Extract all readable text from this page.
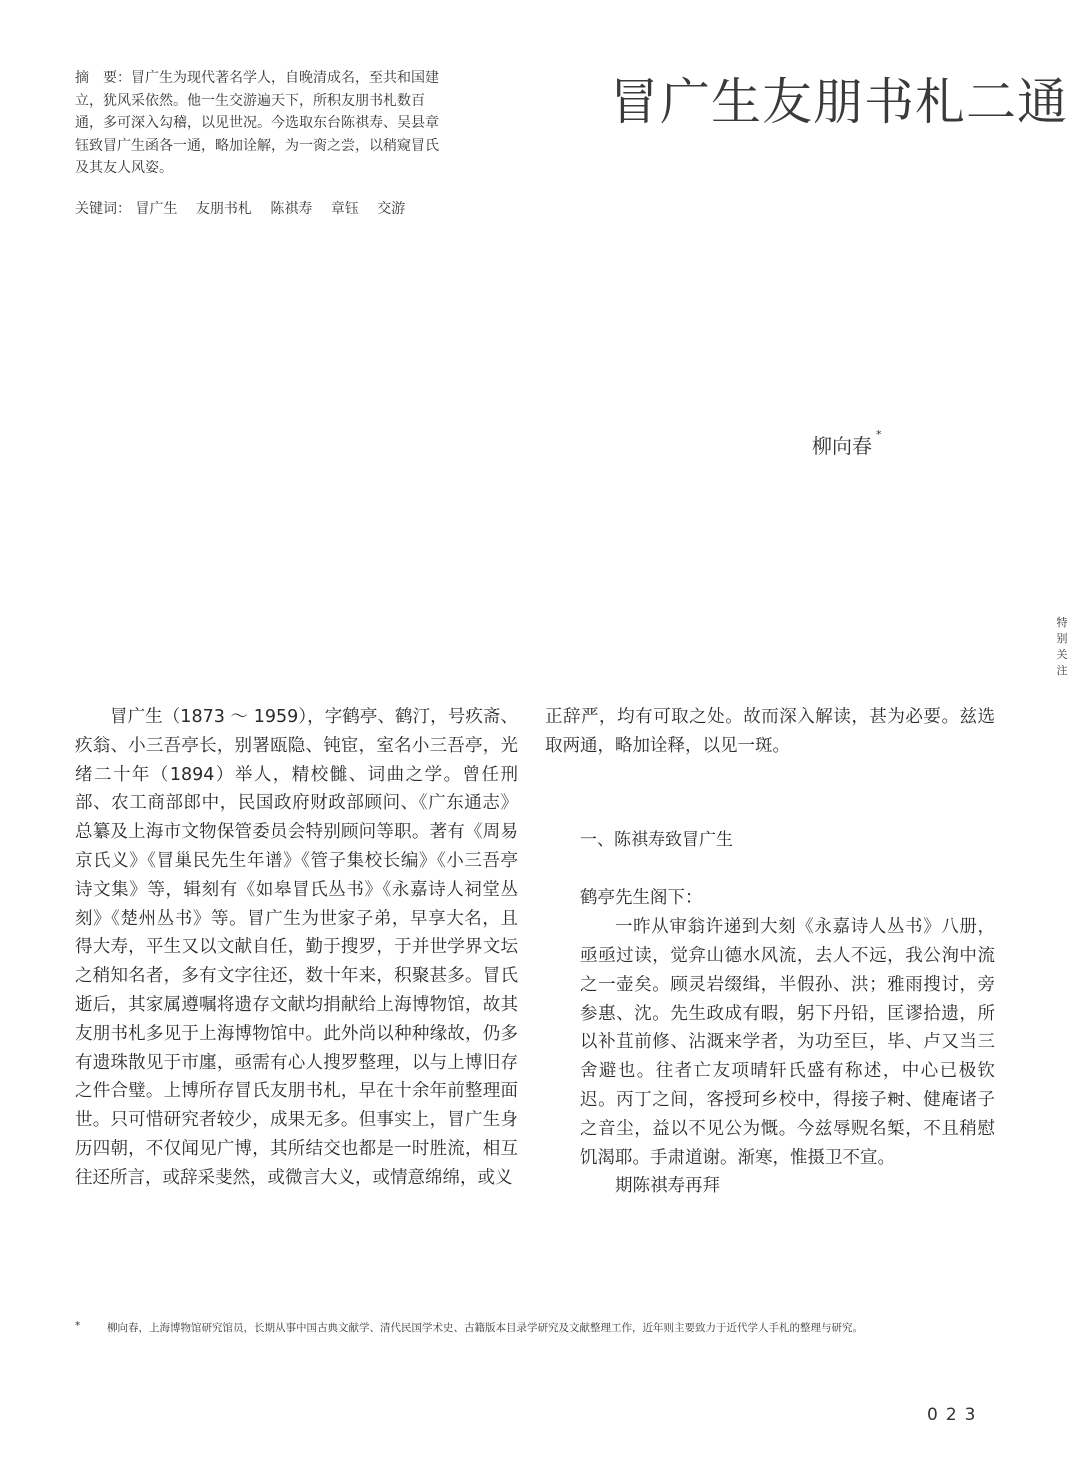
摘　要：冒广生为现代著名学人，自晚清成名，至共和国建立，犹风采依然。他一生交游遍天下，所积友朋书札数百通，多可深入勾稽，以见世况。今选取东台陈祺寿、吴县章钰致冒广生函各一通，略加诠解，为一脔之尝，以稍窥冒氏及其友人风姿。

关键词： 冒广生 友朋书札 陈祺寿 章钰 交游

冒广生友朋书札二通
柳向春 *
特别关注

冒广生（1873 ～ 1959），字鹤亭、鹤汀，号疚斋、疚翁、小三吾亭长，别署瓯隐、钝宦，室名小三吾亭，光绪二十年（1894）举人，精校雠、词曲之学。曾任刑部、农工商部郎中，民国政府财政部顾问、《广东通志》总纂及上海市文物保管委员会特别顾问等职。著有《周易京氏义》《冒巢民先生年谱》《管子集校长编》《小三吾亭诗文集》等，辑刻有《如皋冒氏丛书》《永嘉诗人祠堂丛刻》《楚州丛书》等。冒广生为世家子弟，早享大名，且得大寿，平生又以文献自任，勤于搜罗，于并世学界文坛之稍知名者，多有文字往还，数十年来，积聚甚多。冒氏逝后，其家属遵嘱将遗存文献均捐献给上海博物馆，故其友朋书札多见于上海博物馆中。此外尚以种种缘故，仍多有遗珠散见于市廛，亟需有心人搜罗整理，以与上博旧存之件合璧。上博所存冒氏友朋书札，早在十余年前整理面世。只可惜研究者较少，成果无多。但事实上，冒广生身历四朝，不仅闻见广博，其所结交也都是一时胜流，相互往还所言，或辞采斐然，或微言大义，或情意绵绵，或义

正辞严，均有可取之处。故而深入解读，甚为必要。兹选取两通，略加诠释，以见一斑。

一、陈祺寿致冒广生

鹤亭先生阁下：

一昨从审翁许递到大刻《永嘉诗人丛书》八册，亟亟过读，觉弇山德水风流，去人不远，我公洵中流之一壶矣。顾灵岩缀缉，半假孙、洪；雅雨搜讨，旁参惠、沈。先生政成有暇，躬下丹铅，匡谬拾遗，所以补苴前修、沾溉来学者，为功至巨，毕、卢又当三舍避也。往者亡友项晴轩氏盛有称述，中心已极钦迟。丙丁之间，客授珂乡校中，得接子𬖞、健庵诸子之音尘，益以不见公为慨。今兹辱贶名椠，不且稍慰饥渴耶。手肃道谢。渐寒，惟摄卫不宣。

期陈祺寿再拜

*	柳向春，上海博物馆研究馆员，长期从事中国古典文献学、清代民国学术史、古籍版本目录学研究及文献整理工作，近年则主要致力于近代学人手札的整理与研究。
023
